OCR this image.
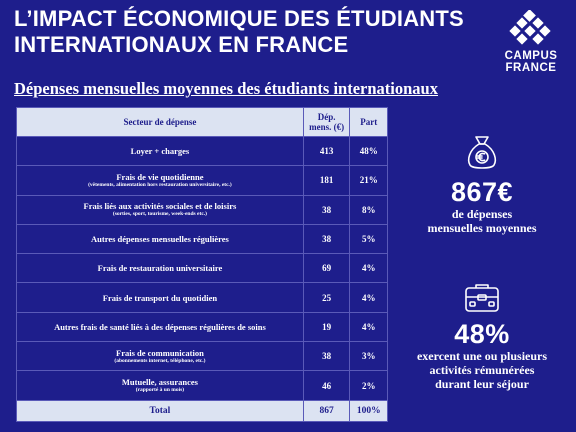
L’IMPACT ÉCONOMIQUE DES ÉTUDIANTS
INTERNATIONAUX EN FRANCE	CAMPUS
FRANCE
Dépenses mensuelles moyennes des étudiants internationaux
Secteur de dépense	Dép. mens. (€)	Part

Loyer + charges	413	48%

Frais de vie quotidienne
(vêtements, alimentation hors restauration universitaire, etc.)	181	21%

Frais liés aux activités sociales et de loisirs
(sorties, sport, tourisme, week-ends etc.)	38	8%

Autres dépenses mensuelles régulières	38	5%

Frais de restauration universitaire	69	4%

Frais de transport du quotidien	25	4%

Autres frais de santé liés à des dépenses régulières de soins	19	4%

Frais de communication
(abonnements internet, téléphone, etc.)	38	3%

Mutuelle, assurances
(rapporté à un mois)	46	2%
Total	867	100%
867€
de dépenses
mensuelles moyennes
48%
exercent une ou plusieurs
activités rémunérées
durant leur séjour
